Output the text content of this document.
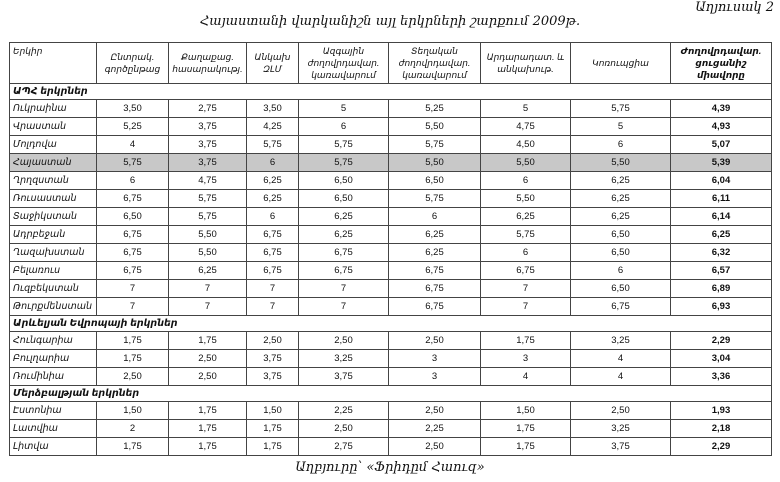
Աղյուսակ 2
Հայաստանի վարկանիշն այլ երկրների շարքում 2009թ.
Երկիր	Ընտրակ. գործընթաց	Քաղաքաց. հասարակությ.	Անկախ ԶԼՄ	Ազգային ժողովրդավար. կառավարում	Տեղական ժողովրդավար. կառավարում	Արդարադատ. և անկախութ.	Կոռուպցիա	Ժողովրդավար. ցուցանիշ միավորը
ԱՊՀ երկրներ								
Ուկրաինա	3,50	2,75	3,50	5	5,25	5	5,75	4,39
Վրաստան	5,25	3,75	4,25	6	5,50	4,75	5	4,93
Մոլդովա	4	3,75	5,75	5,75	5,75	4,50	6	5,07
Հայաստան	5,75	3,75	6	5,75	5,50	5,50	5,50	5,39
Ղրղզստան	6	4,75	6,25	6,50	6,50	6	6,25	6,04
Ռուսաստան	6,75	5,75	6,25	6,50	5,75	5,50	6,25	6,11
Տաջիկստան	6,50	5,75	6	6,25	6	6,25	6,25	6,14
Ադրբեջան	6,75	5,50	6,75	6,25	6,25	5,75	6,50	6,25
Ղազախստան	6,75	5,50	6,75	6,75	6,25	6	6,50	6,32
Բելառուս	6,75	6,25	6,75	6,75	6,75	6,75	6	6,57
Ուզբեկստան	7	7	7	7	6,75	7	6,50	6,89
Թուրքմենստան	7	7	7	7	6,75	7	6,75	6,93
Արևելյան Եվրոպայի երկրներ								
Հունգարիա	1,75	1,75	2,50	2,50	2,50	1,75	3,25	2,29
Բուլղարիա	1,75	2,50	3,75	3,25	3	3	4	3,04
Ռումինիա	2,50	2,50	3,75	3,75	3	4	4	3,36
Մերձբալթյան երկրներ								
Էստոնիա	1,50	1,75	1,50	2,25	2,50	1,50	2,50	1,93
Լատվիա	2	1,75	1,75	2,50	2,25	1,75	3,25	2,18
Լիտվա	1,75	1,75	1,75	2,75	2,50	1,75	3,75	2,29
Աղբյուրը՝ «Ֆրիդըմ Հաուզ»
